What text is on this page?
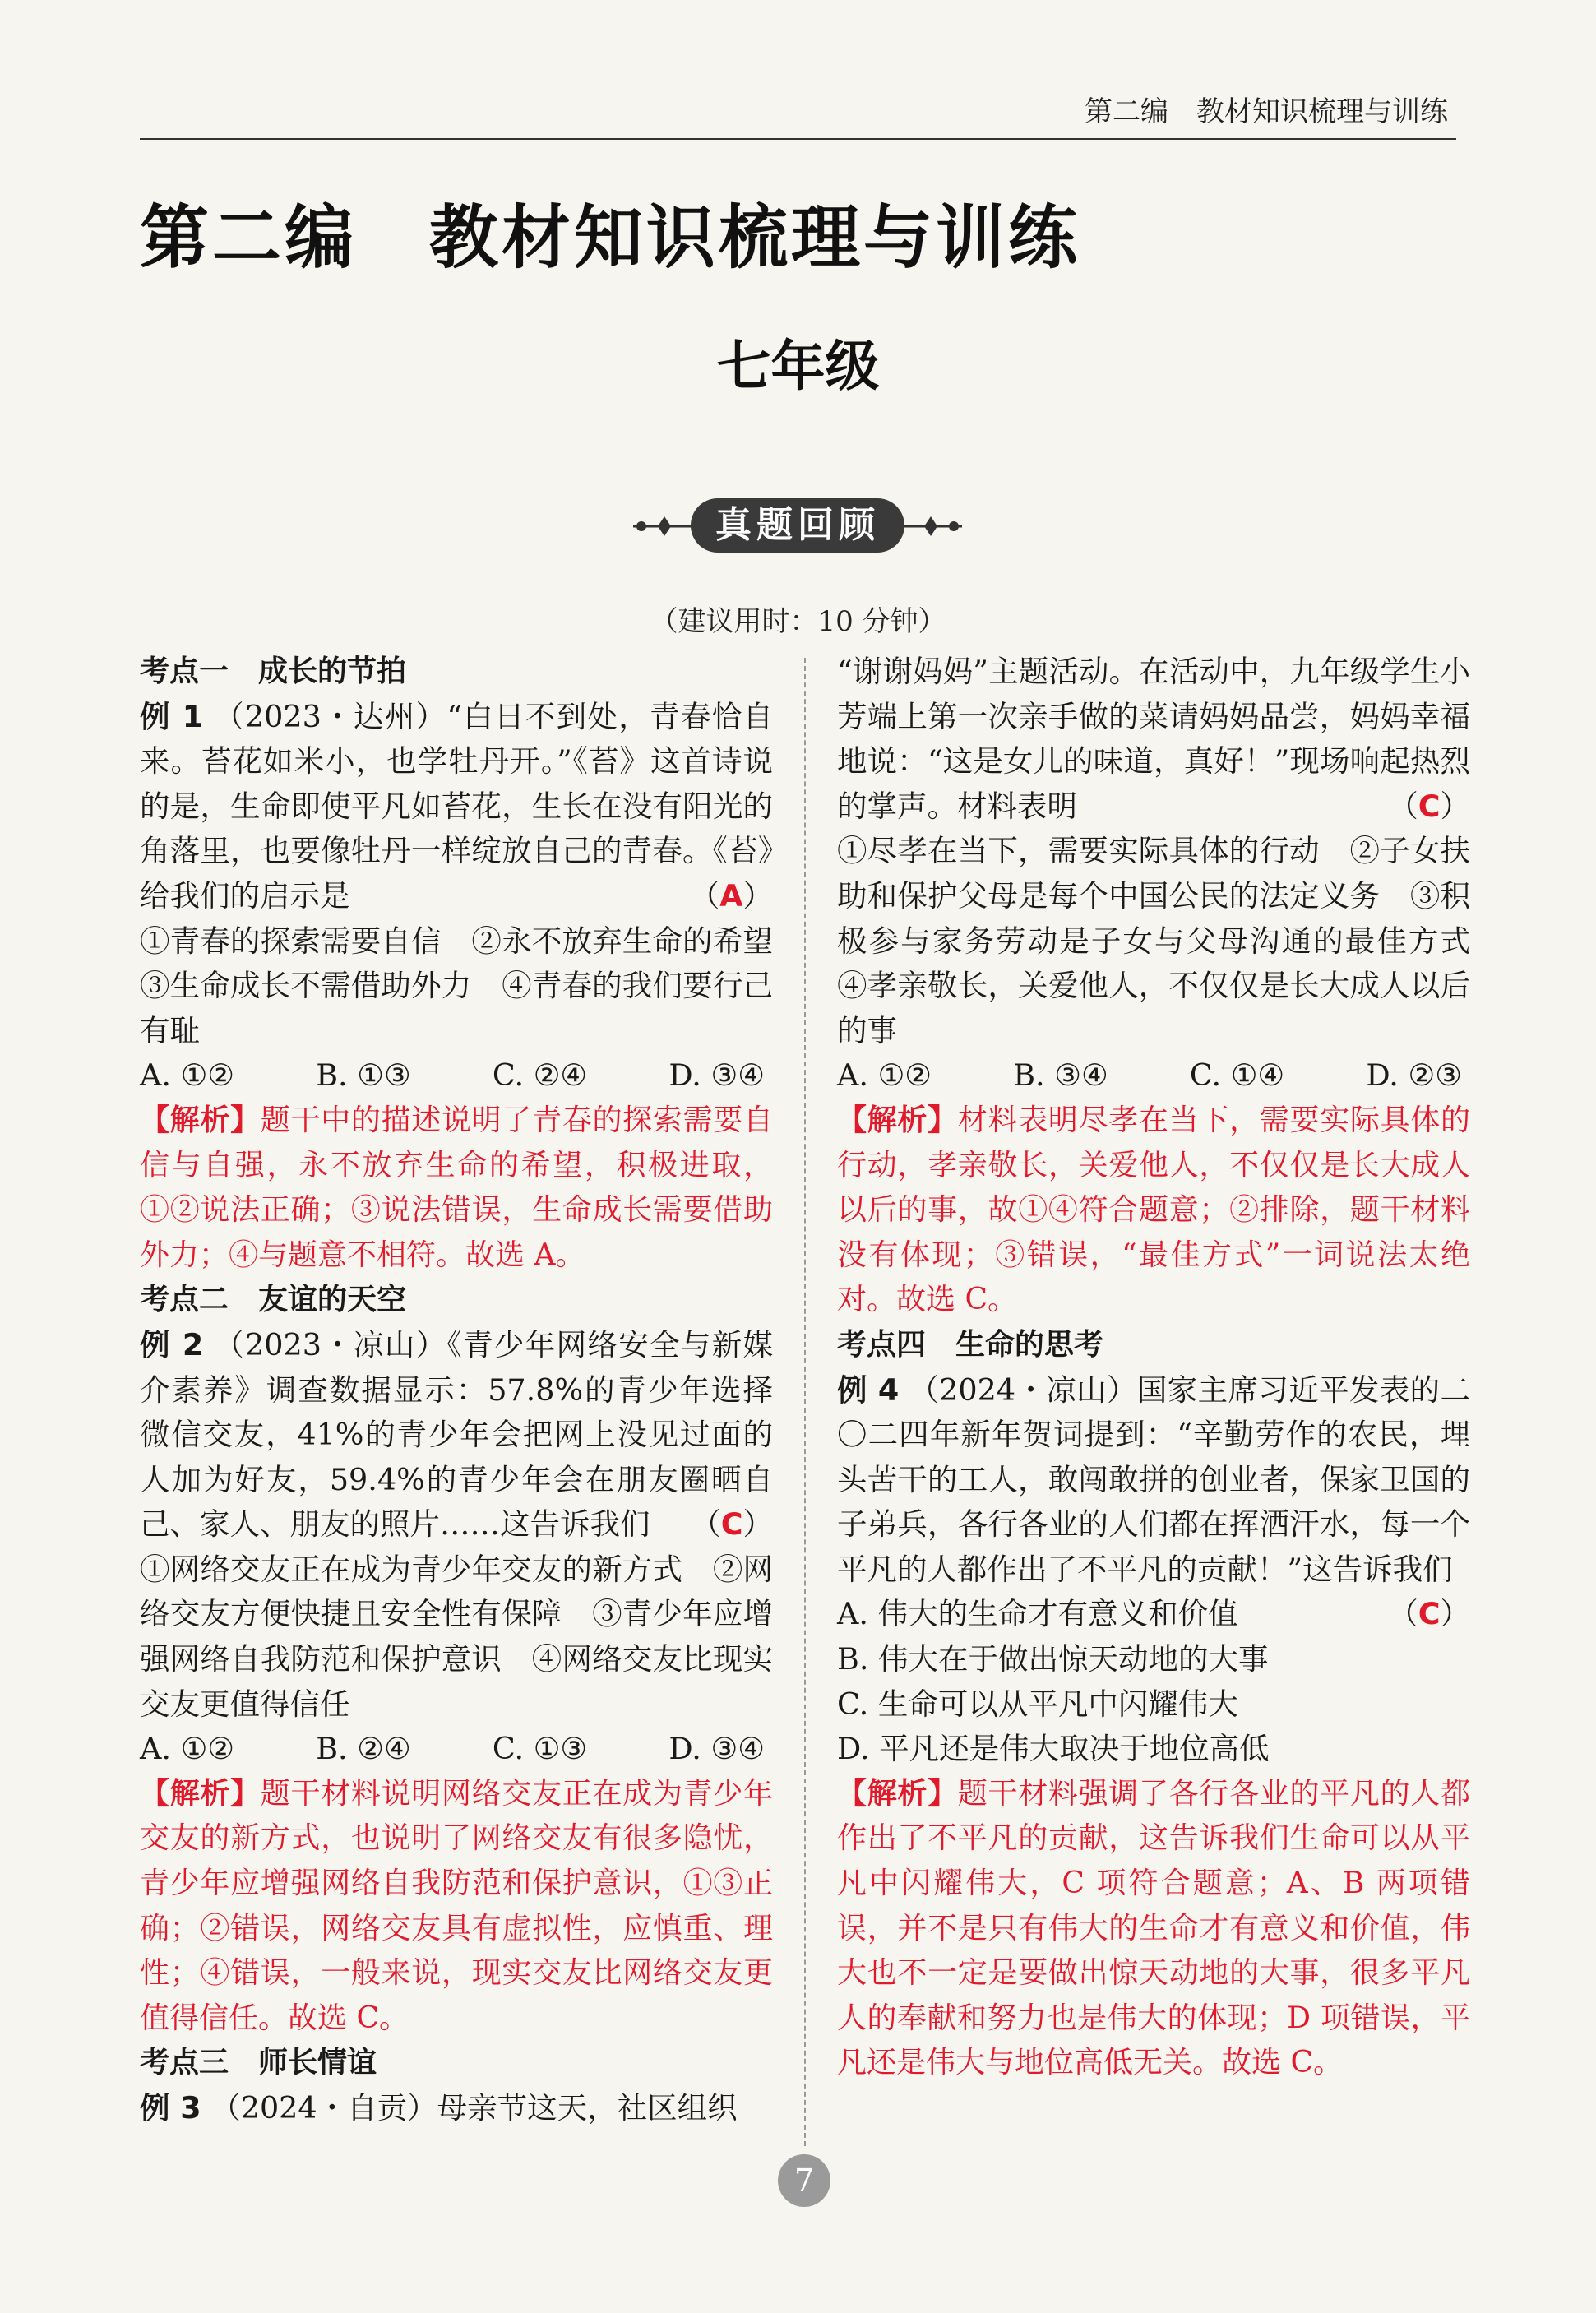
第二编　教材知识梳理与训练
第二编　教材知识梳理与训练
七年级
真题回顾
（建议用时：10 分钟）

考点一　成长的节拍

例 1 （2023・达州）“白日不到处，青春恰自来。苔花如米小，也学牡丹开。”《苔》这首诗说的是，生命即使平凡如苔花，生长在没有阳光的角落里，也要像牡丹一样绽放自己的青春。《苔》给我们的启示是	（A）

①青春的探索需要自信　②永不放弃生命的希望　③生命成长不需借助外力　④青春的我们要行己有耻

A. ①②	B. ①③	C. ②④	D. ③④

【解析】题干中的描述说明了青春的探索需要自信与自强，永不放弃生命的希望，积极进取，①②说法正确；③说法错误，生命成长需要借助外力；④与题意不相符。故选 A。

考点二　友谊的天空

例 2 （2023・凉山）《青少年网络安全与新媒介素养》调查数据显示：57.8%的青少年选择微信交友，41%的青少年会把网上没见过面的人加为好友，59.4%的青少年会在朋友圈晒自己、家人、朋友的照片……这告诉我们 （C）

①网络交友正在成为青少年交友的新方式　②网络交友方便快捷且安全性有保障　③青少年应增强网络自我防范和保护意识　④网络交友比现实交友更值得信任

A. ①②	B. ②④	C. ①③	D. ③④

【解析】题干材料说明网络交友正在成为青少年交友的新方式，也说明了网络交友有很多隐忧，青少年应增强网络自我防范和保护意识，①③正确；②错误，网络交友具有虚拟性，应慎重、理性；④错误，一般来说，现实交友比网络交友更值得信任。故选 C。

考点三　师长情谊

例 3 （2024・自贡）母亲节这天，社区组织

“谢谢妈妈”主题活动。在活动中，九年级学生小芳端上第一次亲手做的菜请妈妈品尝，妈妈幸福地说：“这是女儿的味道，真好！”现场响起热烈的掌声。材料表明	（C）

①尽孝在当下，需要实际具体的行动　②子女扶助和保护父母是每个中国公民的法定义务　③积极参与家务劳动是子女与父母沟通的最佳方式　④孝亲敬长，关爱他人，不仅仅是长大成人以后的事

A. ①②	B. ③④	C. ①④	D. ②③

【解析】材料表明尽孝在当下，需要实际具体的行动，孝亲敬长，关爱他人，不仅仅是长大成人以后的事，故①④符合题意；②排除，题干材料没有体现；③错误，“最佳方式”一词说法太绝对。故选 C。

考点四　生命的思考

例 4 （2024・凉山）国家主席习近平发表的二〇二四年新年贺词提到：“辛勤劳作的农民，埋头苦干的工人，敢闯敢拼的创业者，保家卫国的子弟兵，各行各业的人们都在挥洒汗水，每一个平凡的人都作出了不平凡的贡献！”这告诉我们
（C）

A. 伟大的生命才有意义和价值

B. 伟大在于做出惊天动地的大事

C. 生命可以从平凡中闪耀伟大

D. 平凡还是伟大取决于地位高低

【解析】题干材料强调了各行各业的平凡的人都作出了不平凡的贡献，这告诉我们生命可以从平凡中闪耀伟大，C 项符合题意；A、B 两项错误，并不是只有伟大的生命才有意义和价值，伟大也不一定是要做出惊天动地的大事，很多平凡人的奉献和努力也是伟大的体现；D 项错误，平凡还是伟大与地位高低无关。故选 C。

7
